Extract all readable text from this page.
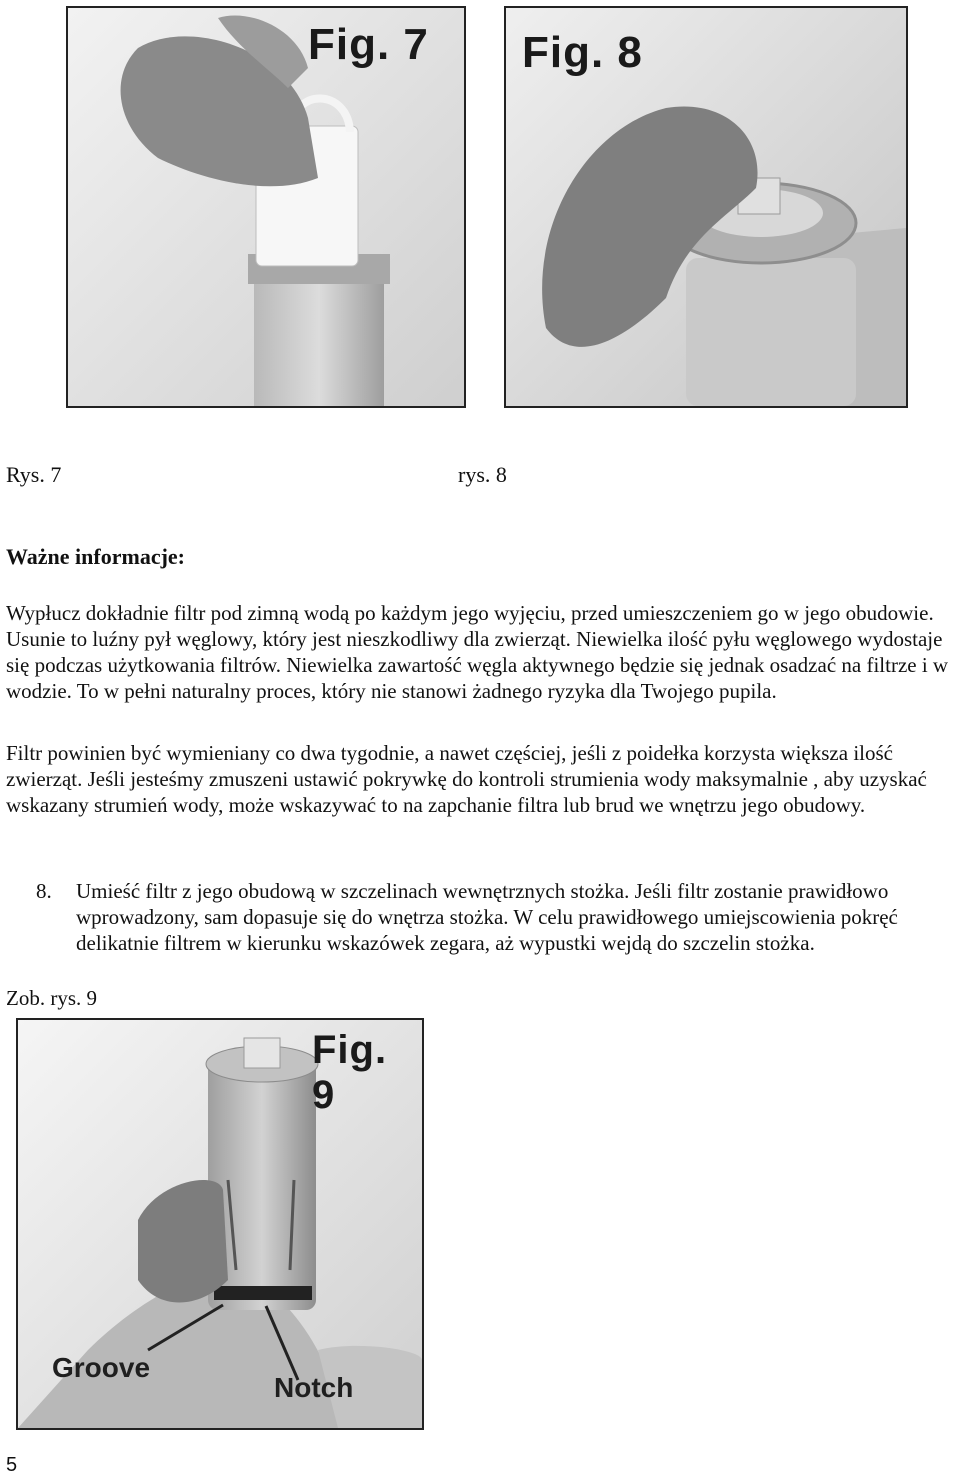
Fig. 7 Fig. 8
Rys. 7	rys. 8
Ważne informacje:

Wypłucz dokładnie filtr pod zimną wodą po każdym jego wyjęciu, przed umieszczeniem go w jego obudowie. Usunie to luźny pył węglowy, który jest nieszkodliwy dla zwierząt. Niewielka ilość pyłu węglowego wydostaje się podczas użytkowania filtrów. Niewielka zawartość węgla aktywnego będzie się jednak osadzać na filtrze i w wodzie. To w pełni naturalny proces, który nie stanowi żadnego ryzyka dla Twojego pupila.

Filtr powinien być wymieniany co dwa tygodnie, a nawet częściej, jeśli z poidełka korzysta większa ilość zwierząt. Jeśli jesteśmy zmuszeni ustawić pokrywkę do kontroli strumienia wody maksymalnie , aby uzyskać wskazany strumień wody, może wskazywać to na zapchanie filtra lub brud we wnętrzu jego obudowy.

8. Umieść filtr z jego obudową w szczelinach wewnętrznych stożka. Jeśli filtr zostanie prawidłowo wprowadzony, sam dopasuje się do wnętrza stożka. W celu prawidłowego umiejscowienia pokręć delikatnie filtrem w kierunku wskazówek zegara, aż wypustki wejdą do szczelin stożka.
Zob. rys. 9
Fig. 9
Groove
Notch
5
